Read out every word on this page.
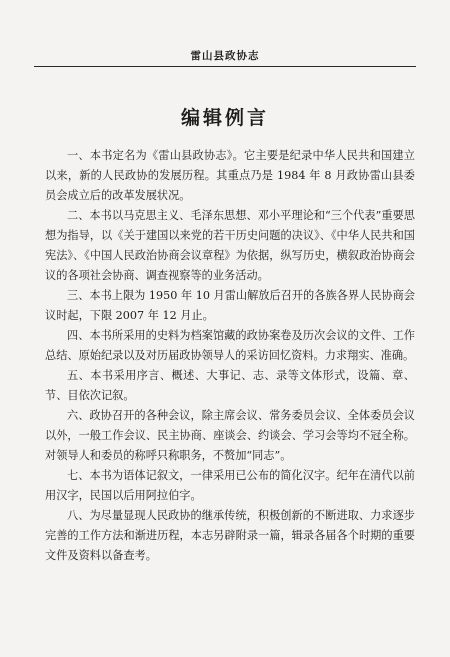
雷山县政协志
编辑例言

一、本书定名为《雷山县政协志》。它主要是纪录中华人民共和国建立以来，新的人民政协的发展历程。其重点乃是 1984 年 8 月政协雷山县委员会成立后的改革发展状况。

二、本书以马克思主义、毛泽东思想、邓小平理论和“三个代表”重要思想为指导，以《关于建国以来党的若干历史问题的决议》、《中华人民共和国宪法》、《中国人民政治协商会议章程》为依据，纵写历史，横叙政治协商会议的各项社会协商、调查视察等的业务活动。

三、本书上限为 1950 年 10 月雷山解放后召开的各族各界人民协商会议时起，下限 2007 年 12 月止。

四、本书所采用的史料为档案馆藏的政协案卷及历次会议的文件、工作总结、原始纪录以及对历届政协领导人的采访回忆资料。力求翔实、准确。

五、本书采用序言、概述、大事记、志、录等文体形式，设篇、章、节、目依次记叙。

六、政协召开的各种会议，除主席会议、常务委员会议、全体委员会议以外，一般工作会议、民主协商、座谈会、约谈会、学习会等均不冠全称。对领导人和委员的称呼只称职务，不赘加“同志”。

七、本书为语体记叙文，一律采用已公布的简化汉字。纪年在清代以前用汉字，民国以后用阿拉伯字。

八、为尽量显现人民政协的继承传统，积极创新的不断进取、力求逐步完善的工作方法和渐进历程，本志另辟附录一篇，辑录各届各个时期的重要文件及资料以备查考。
